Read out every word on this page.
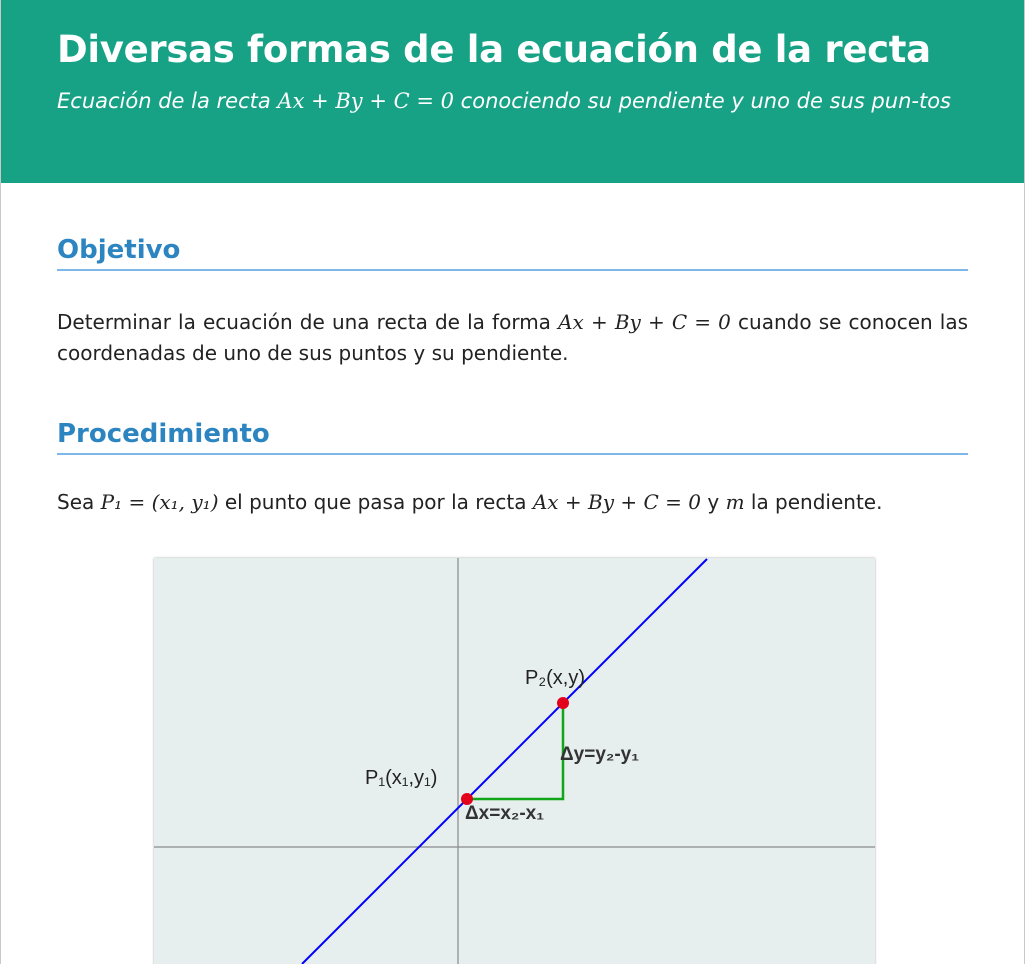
Diversas formas de la ecuación de la recta
Ecuación de la recta Ax + By + C = 0 conociendo su pendiente y uno de sus pun-tos
Objetivo

Determinar la ecuación de una recta de la forma Ax + By + C = 0 cuando se conocen las coordenadas de uno de sus puntos y su pendiente.

Procedimiento

Sea P₁ = (x₁, y₁) el punto que pasa por la recta Ax + By + C = 0 y m la pendiente.

P₁(x₁,y₁)
P₂(x,y)
Δx=x₂-x₁
Δy=y₂-y₁
